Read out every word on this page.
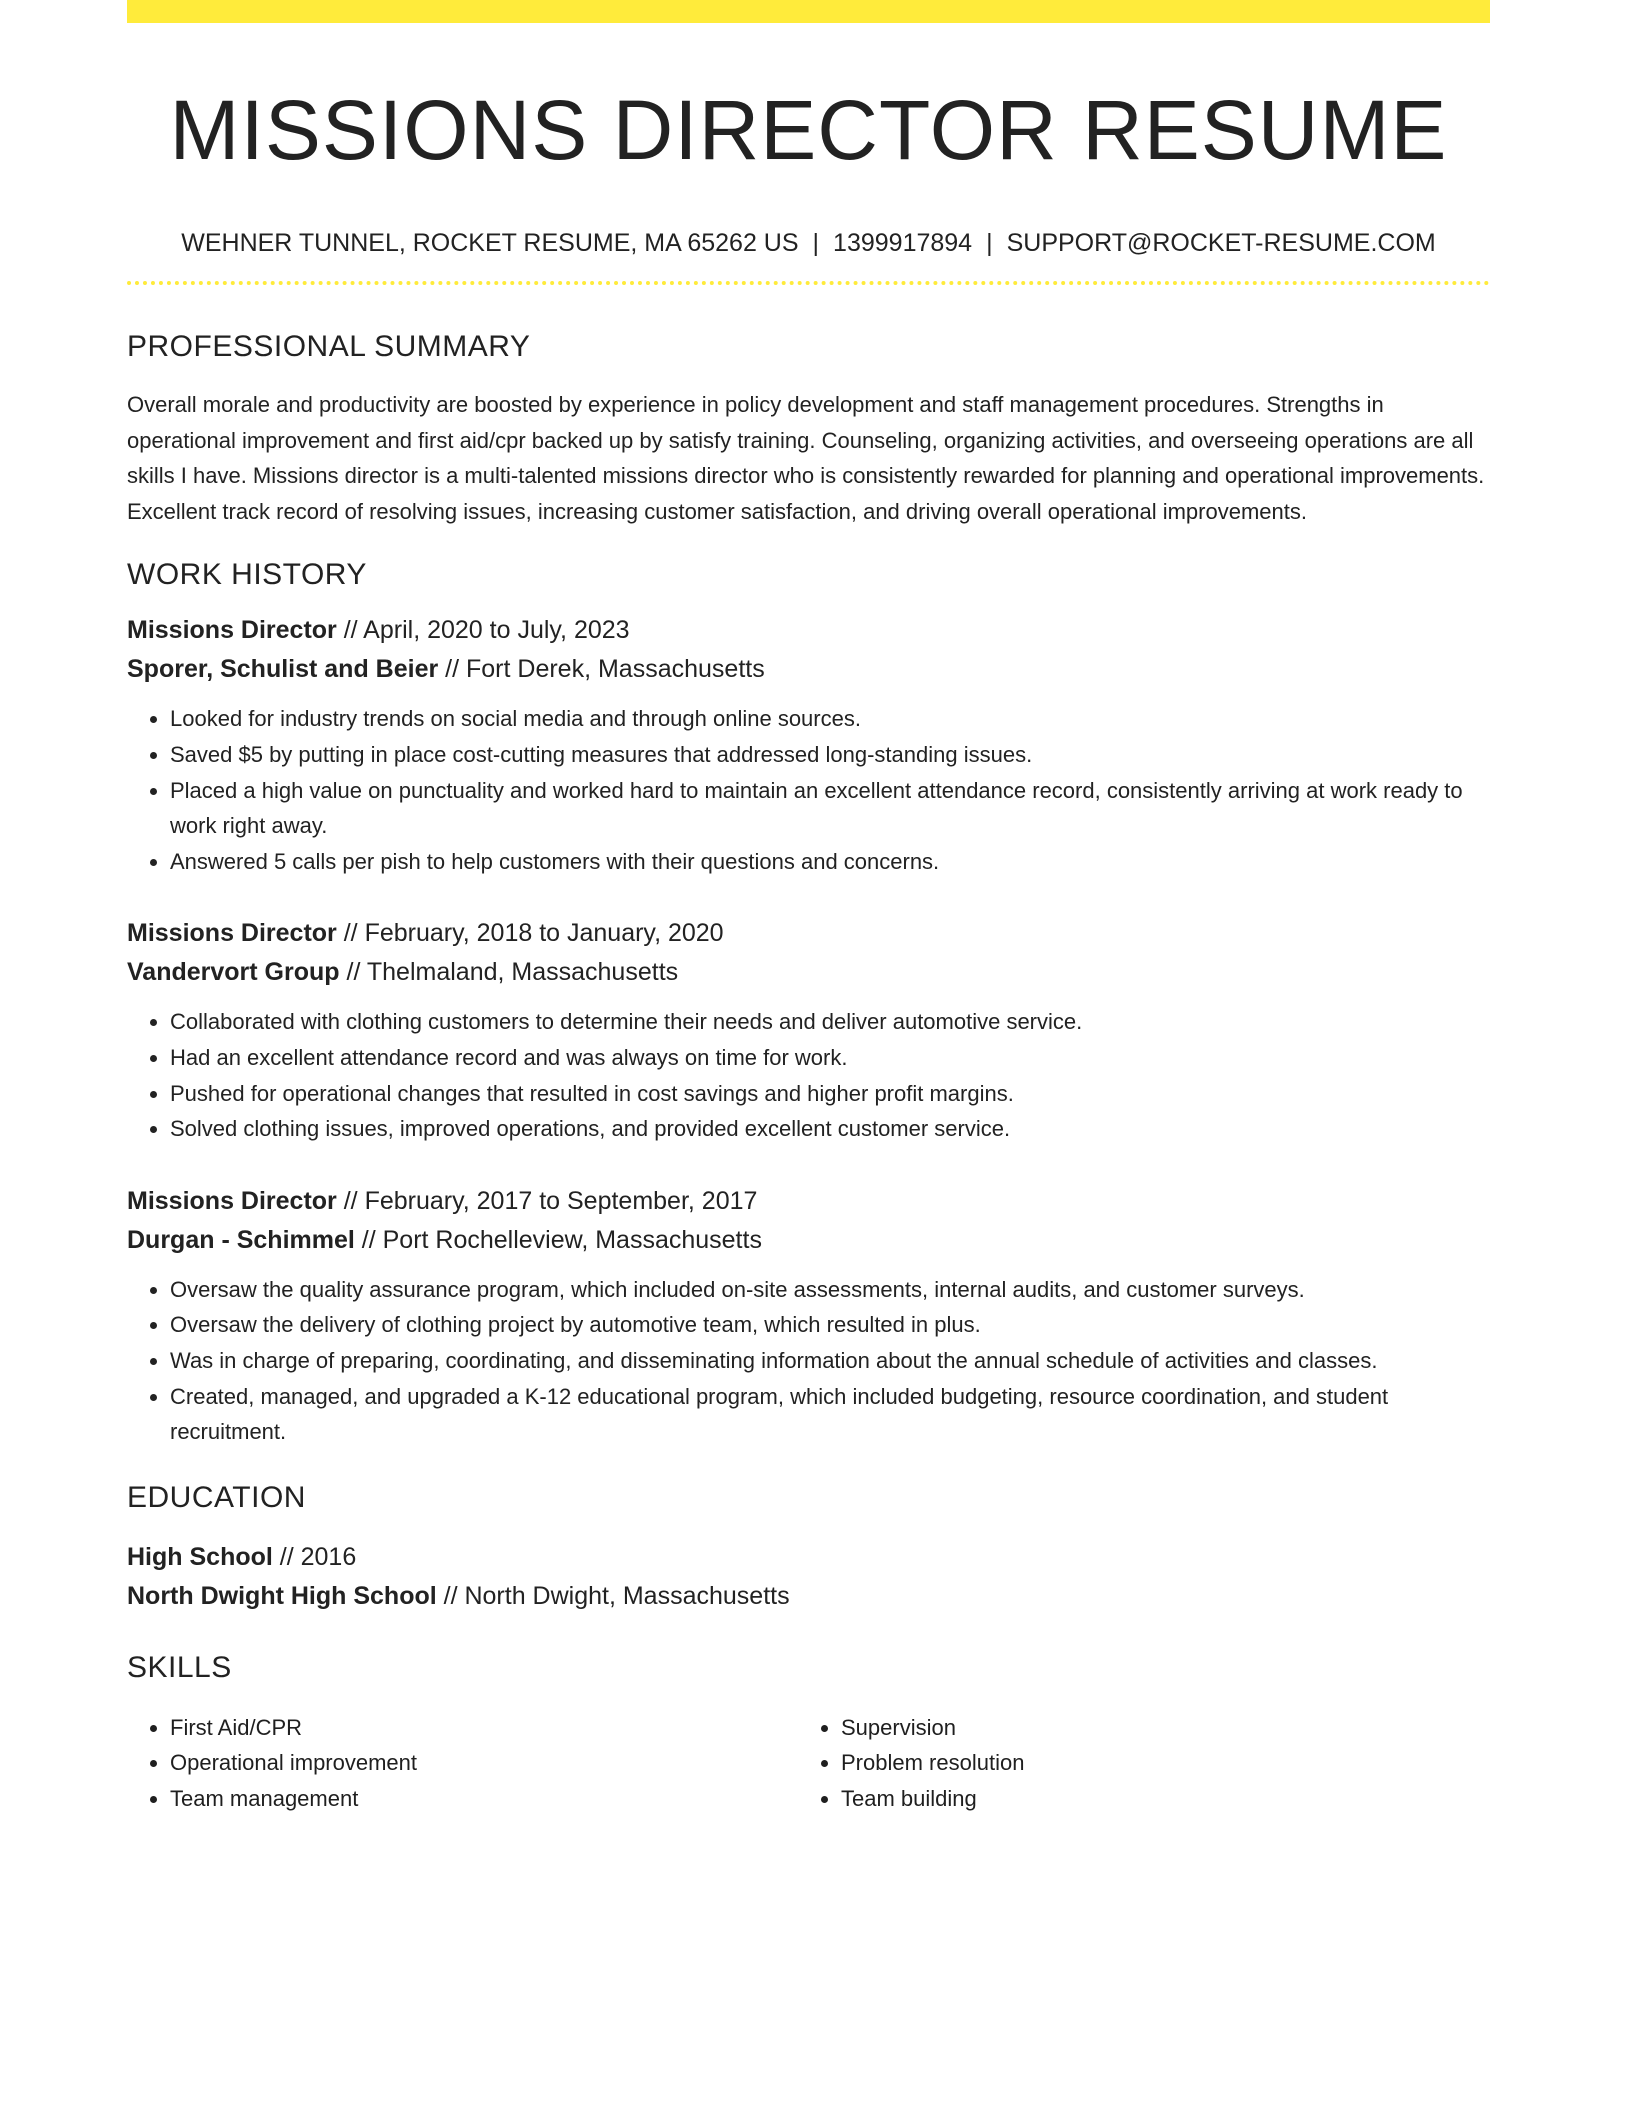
MISSIONS DIRECTOR RESUME
WEHNER TUNNEL, ROCKET RESUME, MA 65262 US | 1399917894 | SUPPORT@ROCKET-RESUME.COM
PROFESSIONAL SUMMARY

Overall morale and productivity are boosted by experience in policy development and staff management procedures. Strengths in operational improvement and first aid/cpr backed up by satisfy training. Counseling, organizing activities, and overseeing operations are all skills I have. Missions director is a multi-talented missions director who is consistently rewarded for planning and operational improvements. Excellent track record of resolving issues, increasing customer satisfaction, and driving overall operational improvements.

WORK HISTORY
Missions Director // April, 2020 to July, 2023
Sporer, Schulist and Beier // Fort Derek, Massachusetts
• Looked for industry trends on social media and through online sources.
• Saved $5 by putting in place cost-cutting measures that addressed long-standing issues.
• Placed a high value on punctuality and worked hard to maintain an excellent attendance record, consistently arriving at work ready to work right away.
• Answered 5 calls per pish to help customers with their questions and concerns.
Missions Director // February, 2018 to January, 2020
Vandervort Group // Thelmaland, Massachusetts
• Collaborated with clothing customers to determine their needs and deliver automotive service.
• Had an excellent attendance record and was always on time for work.
• Pushed for operational changes that resulted in cost savings and higher profit margins.
• Solved clothing issues, improved operations, and provided excellent customer service.
Missions Director // February, 2017 to September, 2017
Durgan - Schimmel // Port Rochelleview, Massachusetts
• Oversaw the quality assurance program, which included on-site assessments, internal audits, and customer surveys.
• Oversaw the delivery of clothing project by automotive team, which resulted in plus.
• Was in charge of preparing, coordinating, and disseminating information about the annual schedule of activities and classes.
• Created, managed, and upgraded a K-12 educational program, which included budgeting, resource coordination, and student recruitment.
EDUCATION
High School // 2016
North Dwight High School // North Dwight, Massachusetts
SKILLS
• First Aid/CPR
• Operational improvement
• Team management
• Supervision
• Problem resolution
• Team building
